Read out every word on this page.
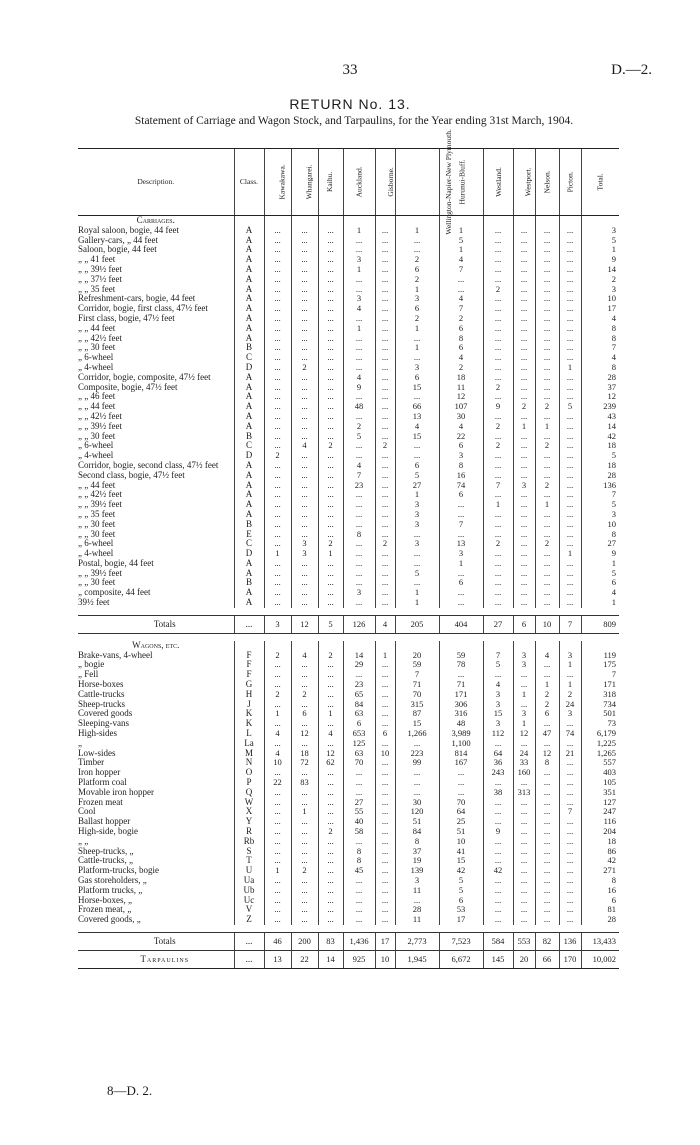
33	D.—2.
RETURN No. 13.
Statement of Carriage and Wagon Stock, and Tarpaulins, for the Year ending 31st March, 1904.
Description.	Class.	Kawakawa.	Whangarei.	Kaihu.	Auckland.	Gisborne.	Wellington-Napier-New Plymouth.	Hurunui-Bluff.	Westland.	Westport.	Nelson.	Picton.	Total.
Carriages.													
Royal saloon, bogie, 44 feet	A	...	...	...	1	...	1	1	...	...	...	...	3
Gallery-cars, „ 44 feet	A	...	...	...	...	...	...	5	...	...	...	...	5
Saloon, bogie, 44 feet	A	...	...	...	...	...	...	1	...	...	...	...	1
„ „ 41 feet	A	...	...	...	3	...	2	4	...	...	...	...	9
„ „ 39½ feet	A	...	...	...	1	...	6	7	...	...	...	...	14
„ „ 37½ feet	A	...	...	...	...	...	2	...	...	...	...	...	2
„ „ 35 feet	A	...	...	...	...	...	1	...	2	...	...	...	3
Refreshment-cars, bogie, 44 feet	A	...	...	...	3	...	3	4	...	...	...	...	10
Corridor, bogie, first class, 47½ feet	A	...	...	...	4	...	6	7	...	...	...	...	17
First class, bogie, 47½ feet	A	...	...	...	...	...	2	2	...	...	...	...	4
„ „ 44 feet	A	...	...	...	1	...	1	6	...	...	...	...	8
„ „ 42½ feet	A	...	...	...	...	...	...	8	...	...	...	...	8
„ „ 30 feet	B	...	...	...	...	...	1	6	...	...	...	...	7
„ 6-wheel	C	...	...	...	...	...	...	4	...	...	...	...	4
„ 4-wheel	D	...	2	...	...	...	3	2	...	...	...	1	8
Corridor, bogie, composite, 47½ feet	A	...	...	...	4	...	6	18	...	...	...	...	28
Composite, bogie, 47½ feet	A	...	...	...	9	...	15	11	2	...	...	...	37
„ „ 46 feet	A	...	...	...	...	...	...	12	...	...	...	...	12
„ „ 44 feet	A	...	...	...	48	...	66	107	9	2	2	5	239
„ „ 42½ feet	A	...	...	...	...	...	13	30	...	...	...	...	43
„ „ 39½ feet	A	...	...	...	2	...	4	4	2	1	1	...	14
„ „ 30 feet	B	...	...	...	5	...	15	22	...	...	...	...	42
„ 6-wheel	C	...	4	2	...	2	...	6	2	...	2	...	18
„ 4-wheel	D	2	...	...	...	...	...	3	...	...	...	...	5
Corridor, bogie, second class, 47½ feet	A	...	...	...	4	...	6	8	...	...	...	...	18
Second class, bogie, 47½ feet	A	...	...	...	7	...	5	16	...	...	...	...	28
„ „ 44 feet	A	...	...	...	23	...	27	74	7	3	2	...	136
„ „ 42½ feet	A	...	...	...	...	...	1	6	...	...	...	...	7
„ „ 39½ feet	A	...	...	...	...	...	3	...	1	...	1	...	5
„ „ 35 feet	A	...	...	...	...	...	3	...	...	...	...	...	3
„ „ 30 feet	B	...	...	...	...	...	3	7	...	...	...	...	10
„ „ 30 feet	E	...	...	...	8	...	...	...	...	...	...	...	8
„ 6-wheel	C	...	3	2	...	2	3	13	2	...	2	...	27
„ 4-wheel	D	1	3	1	...	...	...	3	...	...	...	1	9
Postal, bogie, 44 feet	A	...	...	...	...	...	...	1	...	...	...	...	1
„ „ 39½ feet	A	...	...	...	...	...	5	...	...	...	...	...	5
„ „ 30 feet	B	...	...	...	...	...	...	6	...	...	...	...	6
„ composite, 44 feet	A	...	...	...	3	...	1	...	...	...	...	...	4
39½ feet	A	...	...	...	...	...	1	...	...	...	...	...	1

Totals	...	3	12	5	126	4	205	404	27	6	10	7	809

Wagons, etc.													
Brake-vans, 4-wheel	F	2	4	2	14	1	20	59	7	3	4	3	119
„ bogie	F	...	...	...	29	...	59	78	5	3	...	1	175
„ Fell	F	...	...	...	...	...	7	...	...	...	...	...	7
Horse-boxes	G	...	...	...	23	...	71	71	4	...	1	1	171
Cattle-trucks	H	2	2	...	65	...	70	171	3	1	2	2	318
Sheep-trucks	J	...	...	...	84	...	315	306	3	...	2	24	734
Covered goods	K	1	6	1	63	...	87	316	15	3	6	3	501
Sleeping-vans	K	...	...	...	6	...	15	48	3	1	...	...	73
High-sides	L	4	12	4	653	6	1,266	3,989	112	12	47	74	6,179
„	La	...	...	...	125	...	...	1,100	...	...	...	...	1,225
Low-sides	M	4	18	12	63	10	223	814	64	24	12	21	1,265
Timber	N	10	72	62	70	...	99	167	36	33	8	...	557
Iron hopper	O	...	...	...	...	...	...	...	243	160	...	...	403
Platform coal	P	22	83	...	...	...	...	...	...	...	...	...	105
Movable iron hopper	Q	...	...	...	...	...	...	...	38	313	...	...	351
Frozen meat	W	...	...	...	27	...	30	70	...	...	...	...	127
Cool	X	...	1	...	55	...	120	64	...	...	...	7	247
Ballast hopper	Y	...	...	...	40	...	51	25	...	...	...	...	116
High-side, bogie	R	...	...	2	58	...	84	51	9	...	...	...	204
„ „	Rb	...	...	...	...	...	8	10	...	...	...	...	18
Sheep-trucks, „	S	...	...	...	8	...	37	41	...	...	...	...	86
Cattle-trucks, „	T	...	...	...	8	...	19	15	...	...	...	...	42
Platform-trucks, bogie	U	1	2	...	45	...	139	42	42	...	...	...	271
Gas storeholders, „	Ua	...	...	...	...	...	3	5	...	...	...	...	8
Platform trucks, „	Ub	...	...	...	...	...	11	5	...	...	...	...	16
Horse-boxes, „	Uc	...	...	...	...	...	...	6	...	...	...	...	6
Frozen meat, „	V	...	...	...	...	...	28	53	...	...	...	...	81
Covered goods, „	Z	...	...	...	...	...	11	17	...	...	...	...	28

Totals	...	46	200	83	1,436	17	2,773	7,523	584	553	82	136	13,433
Tarpaulins	...	13	22	14	925	10	1,945	6,672	145	20	66	170	10,002
8—D. 2.
